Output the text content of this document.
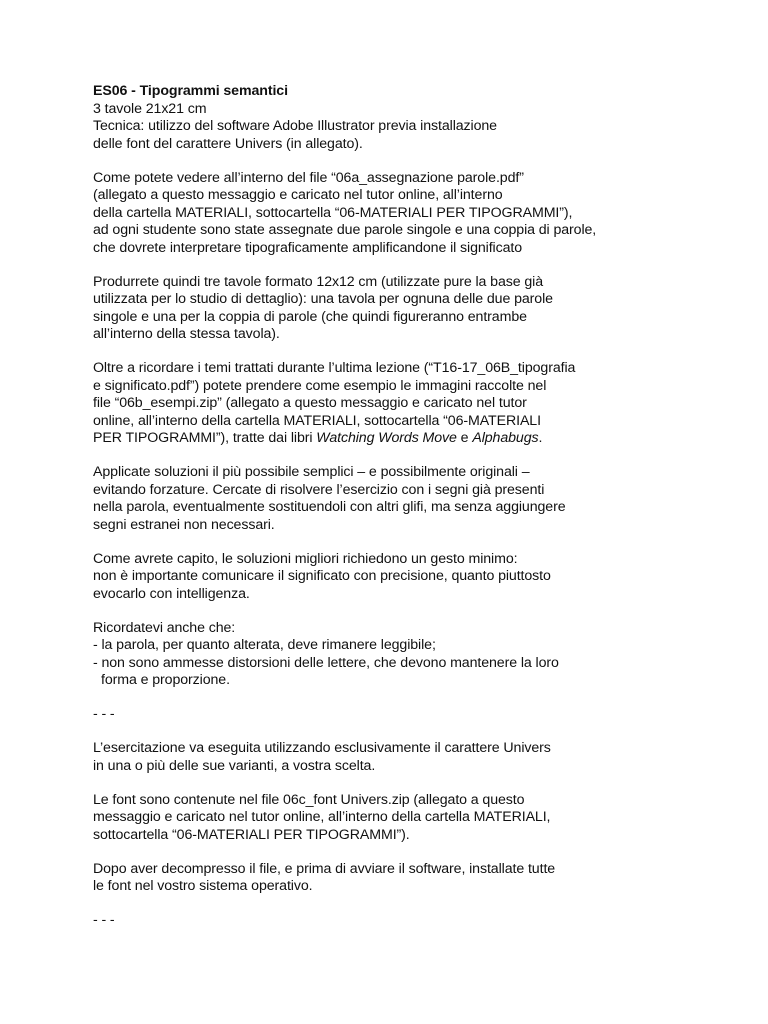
ES06 - Tipogrammi semantici
3 tavole 21x21 cm
Tecnica: utilizzo del software Adobe Illustrator previa installazione
delle font del carattere Univers (in allegato).
Come potete vedere all’interno del file “06a_assegnazione parole.pdf”
(allegato a questo messaggio e caricato nel tutor online, all’interno
della cartella MATERIALI, sottocartella “06-MATERIALI PER TIPOGRAMMI”),
ad ogni studente sono state assegnate due parole singole e una coppia di parole,
che dovrete interpretare tipograficamente amplificandone il significato
Produrrete quindi tre tavole formato 12x12 cm (utilizzate pure la base già
utilizzata per lo studio di dettaglio): una tavola per ognuna delle due parole
singole e una per la coppia di parole (che quindi figureranno entrambe
all’interno della stessa tavola).
Oltre a ricordare i temi trattati durante l’ultima lezione (“T16-17_06B_tipografia
e significato.pdf”) potete prendere come esempio le immagini raccolte nel
file “06b_esempi.zip” (allegato a questo messaggio e caricato nel tutor
online, all’interno della cartella MATERIALI, sottocartella “06-MATERIALI
PER TIPOGRAMMI”), tratte dai libri Watching Words Move e Alphabugs.
Applicate soluzioni il più possibile semplici – e possibilmente originali –
evitando forzature. Cercate di risolvere l’esercizio con i segni già presenti
nella parola, eventualmente sostituendoli con altri glifi, ma senza aggiungere
segni estranei non necessari.
Come avrete capito, le soluzioni migliori richiedono un gesto minimo:
non è importante comunicare il significato con precisione, quanto piuttosto
evocarlo con intelligenza.
Ricordatevi anche che:
- la parola, per quanto alterata, deve rimanere leggibile;
- non sono ammesse distorsioni delle lettere, che devono mantenere la loro
forma e proporzione.
- - -
L’esercitazione va eseguita utilizzando esclusivamente il carattere Univers
in una o più delle sue varianti, a vostra scelta.
Le font sono contenute nel file 06c_font Univers.zip (allegato a questo
messaggio e caricato nel tutor online, all’interno della cartella MATERIALI,
sottocartella “06-MATERIALI PER TIPOGRAMMI”).
Dopo aver decompresso il file, e prima di avviare il software, installate tutte
le font nel vostro sistema operativo.
- - -
